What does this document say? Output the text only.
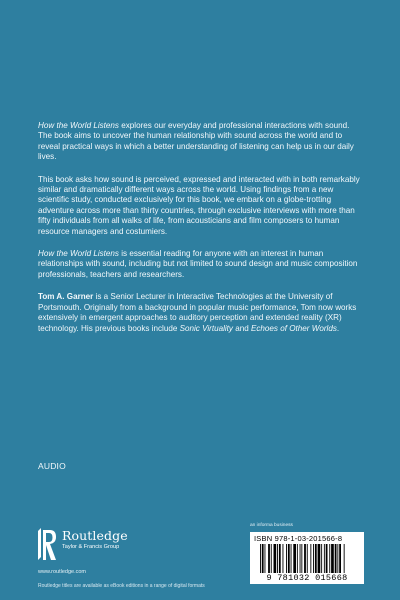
How the World Listens explores our everyday and professional interactions with sound. The book aims to uncover the human relationship with sound across the world and to reveal practical ways in which a better understanding of listening can help us in our daily lives.

This book asks how sound is perceived, expressed and interacted with in both remarkably similar and dramatically different ways across the world. Using findings from a new scientific study, conducted exclusively for this book, we embark on a globe-trotting adventure across more than thirty countries, through exclusive interviews with more than fifty individuals from all walks of life, from acousticians and film composers to human resource managers and costumiers.

How the World Listens is essential reading for anyone with an interest in human relationships with sound, including but not limited to sound design and music composition professionals, teachers and researchers.

Tom A. Garner is a Senior Lecturer in Interactive Technologies at the University of Portsmouth. Originally from a background in popular music performance, Tom now works extensively in emergent approaches to auditory perception and extended reality (XR) technology. His previous books include Sonic Virtuality and Echoes of Other Worlds.

AUDIO
Routledge
Taylor & Francis Group
www.routledge.com
Routledge titles are available as eBook editions in a range of digital formats
an informa business
ISBN 978-1-03-201566-8
9 781032 015668
